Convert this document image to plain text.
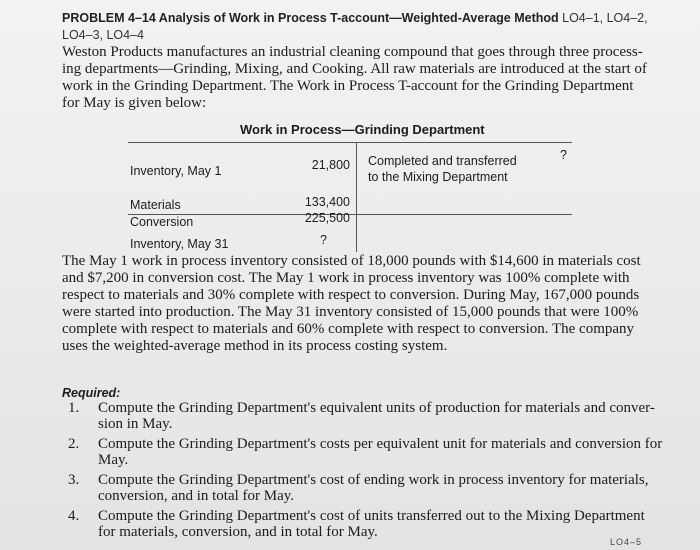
PROBLEM 4–14 Analysis of Work in Process T-account—Weighted-Average Method LO4–1, LO4–2,
LO4–3, LO4–4

Weston Products manufactures an industrial cleaning compound that goes through three process-

ing departments—Grinding, Mixing, and Cooking. All raw materials are introduced at the start of

work in the Grinding Department. The Work in Process T-account for the Grinding Department

for May is given below:

Work in Process—Grinding Department
Inventory, May 1	21,800
Materials	133,400
Conversion	225,500
Inventory, May 31	?
Completed and transferred
to the Mixing Department
?

The May 1 work in process inventory consisted of 18,000 pounds with $14,600 in materials cost

and $7,200 in conversion cost. The May 1 work in process inventory was 100% complete with

respect to materials and 30% complete with respect to conversion. During May, 167,000 pounds

were started into production. The May 31 inventory consisted of 15,000 pounds that were 100%

complete with respect to materials and 60% complete with respect to conversion. The company

uses the weighted-average method in its process costing system.

Required:
1.	Compute the Grinding Department's equivalent units of production for materials and conver-
sion in May.
2.	Compute the Grinding Department's costs per equivalent unit for materials and conversion for
May.
3.	Compute the Grinding Department's cost of ending work in process inventory for materials,
conversion, and in total for May.
4.	Compute the Grinding Department's cost of units transferred out to the Mixing Department
for materials, conversion, and in total for May.
LO4–5
